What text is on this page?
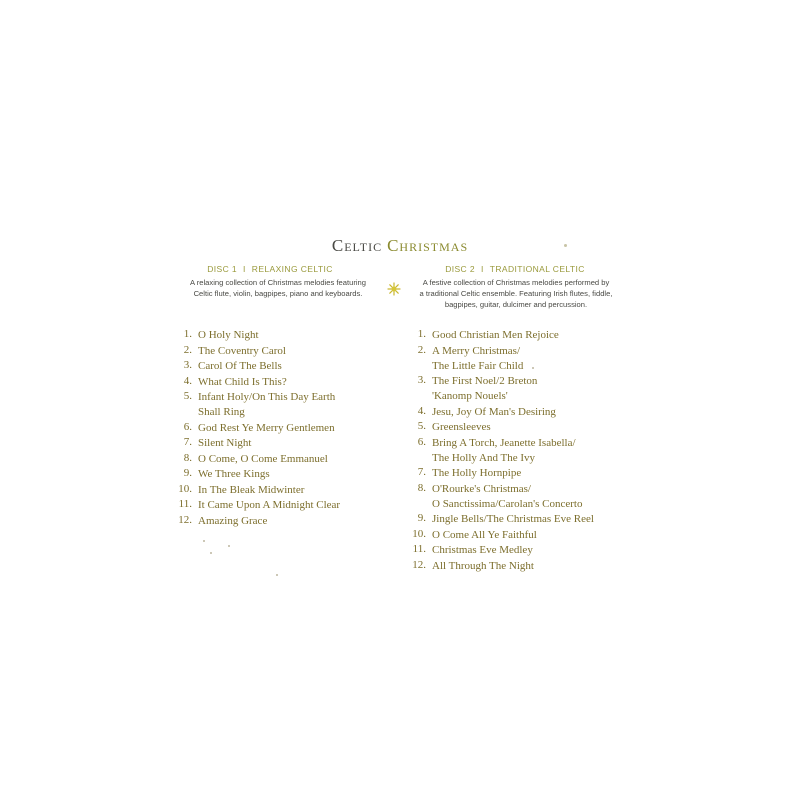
Celtic Christmas
DISC 1 I RELAXING CELTIC
A relaxing collection of Christmas melodies featuring
Celtic flute, violin, bagpipes, piano and keyboards.
DISC 2 I TRADITIONAL CELTIC
A festive collection of Christmas melodies performed by
a traditional Celtic ensemble. Featuring Irish flutes, fiddle,
bagpipes, guitar, dulcimer and percussion.
1. O Holy Night
2. The Coventry Carol
3. Carol Of The Bells
4. What Child Is This?
5. Infant Holy/On This Day Earth
Shall Ring
6. God Rest Ye Merry Gentlemen
7. Silent Night
8. O Come, O Come Emmanuel
9. We Three Kings
10. In The Bleak Midwinter
11. It Came Upon A Midnight Clear
12. Amazing Grace
1. Good Christian Men Rejoice
2. A Merry Christmas/
The Little Fair Child
3. The First Noel/2 Breton
'Kanomp Nouels'
4. Jesu, Joy Of Man's Desiring
5. Greensleeves
6. Bring A Torch, Jeanette Isabella/
The Holly And The Ivy
7. The Holly Hornpipe
8. O'Rourke's Christmas/
O Sanctissima/Carolan's Concerto
9. Jingle Bells/The Christmas Eve Reel
10. O Come All Ye Faithful
11. Christmas Eve Medley
12. All Through The Night
